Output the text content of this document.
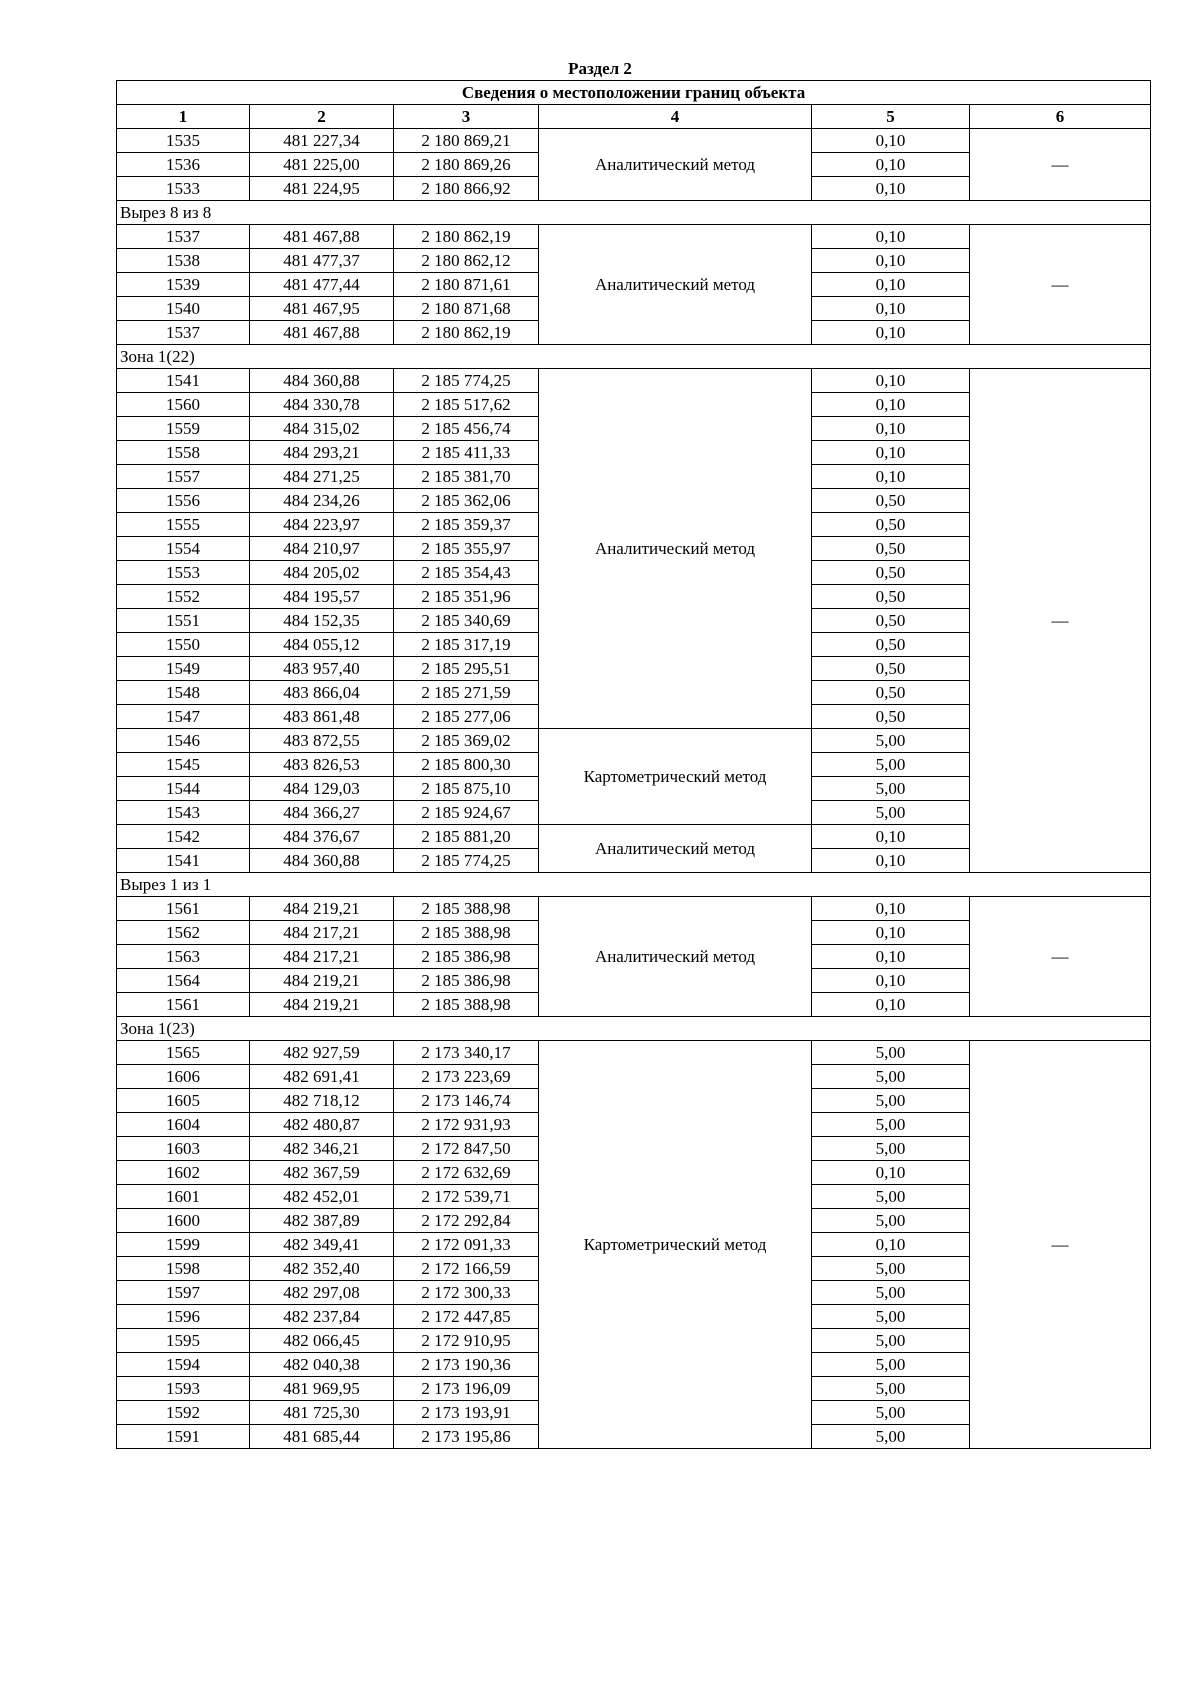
Раздел 2
Сведения о местоположении границ объекта					
1	2	3	4	5	6
1535	481 227,34	2 180 869,21	Аналитический метод	0,10	—
1536	481 225,00	2 180 869,26		0,10	
1533	481 224,95	2 180 866,92		0,10	
Вырез 8 из 8					
1537	481 467,88	2 180 862,19	Аналитический метод	0,10	—
1538	481 477,37	2 180 862,12		0,10	
1539	481 477,44	2 180 871,61		0,10	
1540	481 467,95	2 180 871,68		0,10	
1537	481 467,88	2 180 862,19		0,10	
Зона 1(22)					
1541	484 360,88	2 185 774,25	Аналитический метод	0,10	—
1560	484 330,78	2 185 517,62		0,10	
1559	484 315,02	2 185 456,74		0,10	
1558	484 293,21	2 185 411,33		0,10	
1557	484 271,25	2 185 381,70		0,10	
1556	484 234,26	2 185 362,06		0,50	
1555	484 223,97	2 185 359,37		0,50	
1554	484 210,97	2 185 355,97		0,50	
1553	484 205,02	2 185 354,43		0,50	
1552	484 195,57	2 185 351,96		0,50	
1551	484 152,35	2 185 340,69		0,50	
1550	484 055,12	2 185 317,19		0,50	
1549	483 957,40	2 185 295,51		0,50	
1548	483 866,04	2 185 271,59		0,50	
1547	483 861,48	2 185 277,06		0,50	
1546	483 872,55	2 185 369,02	Картометрический метод	5,00	
1545	483 826,53	2 185 800,30		5,00	
1544	484 129,03	2 185 875,10		5,00	
1543	484 366,27	2 185 924,67		5,00	
1542	484 376,67	2 185 881,20	Аналитический метод	0,10	
1541	484 360,88	2 185 774,25		0,10	
Вырез 1 из 1					
1561	484 219,21	2 185 388,98	Аналитический метод	0,10	—
1562	484 217,21	2 185 388,98		0,10	
1563	484 217,21	2 185 386,98		0,10	
1564	484 219,21	2 185 386,98		0,10	
1561	484 219,21	2 185 388,98		0,10	
Зона 1(23)					
1565	482 927,59	2 173 340,17	Картометрический метод	5,00	—
1606	482 691,41	2 173 223,69		5,00	
1605	482 718,12	2 173 146,74		5,00	
1604	482 480,87	2 172 931,93		5,00	
1603	482 346,21	2 172 847,50		5,00	
1602	482 367,59	2 172 632,69		0,10	
1601	482 452,01	2 172 539,71		5,00	
1600	482 387,89	2 172 292,84		5,00	
1599	482 349,41	2 172 091,33		0,10	
1598	482 352,40	2 172 166,59		5,00	
1597	482 297,08	2 172 300,33		5,00	
1596	482 237,84	2 172 447,85		5,00	
1595	482 066,45	2 172 910,95		5,00	
1594	482 040,38	2 173 190,36		5,00	
1593	481 969,95	2 173 196,09		5,00	
1592	481 725,30	2 173 193,91		5,00	
1591	481 685,44	2 173 195,86		5,00	
